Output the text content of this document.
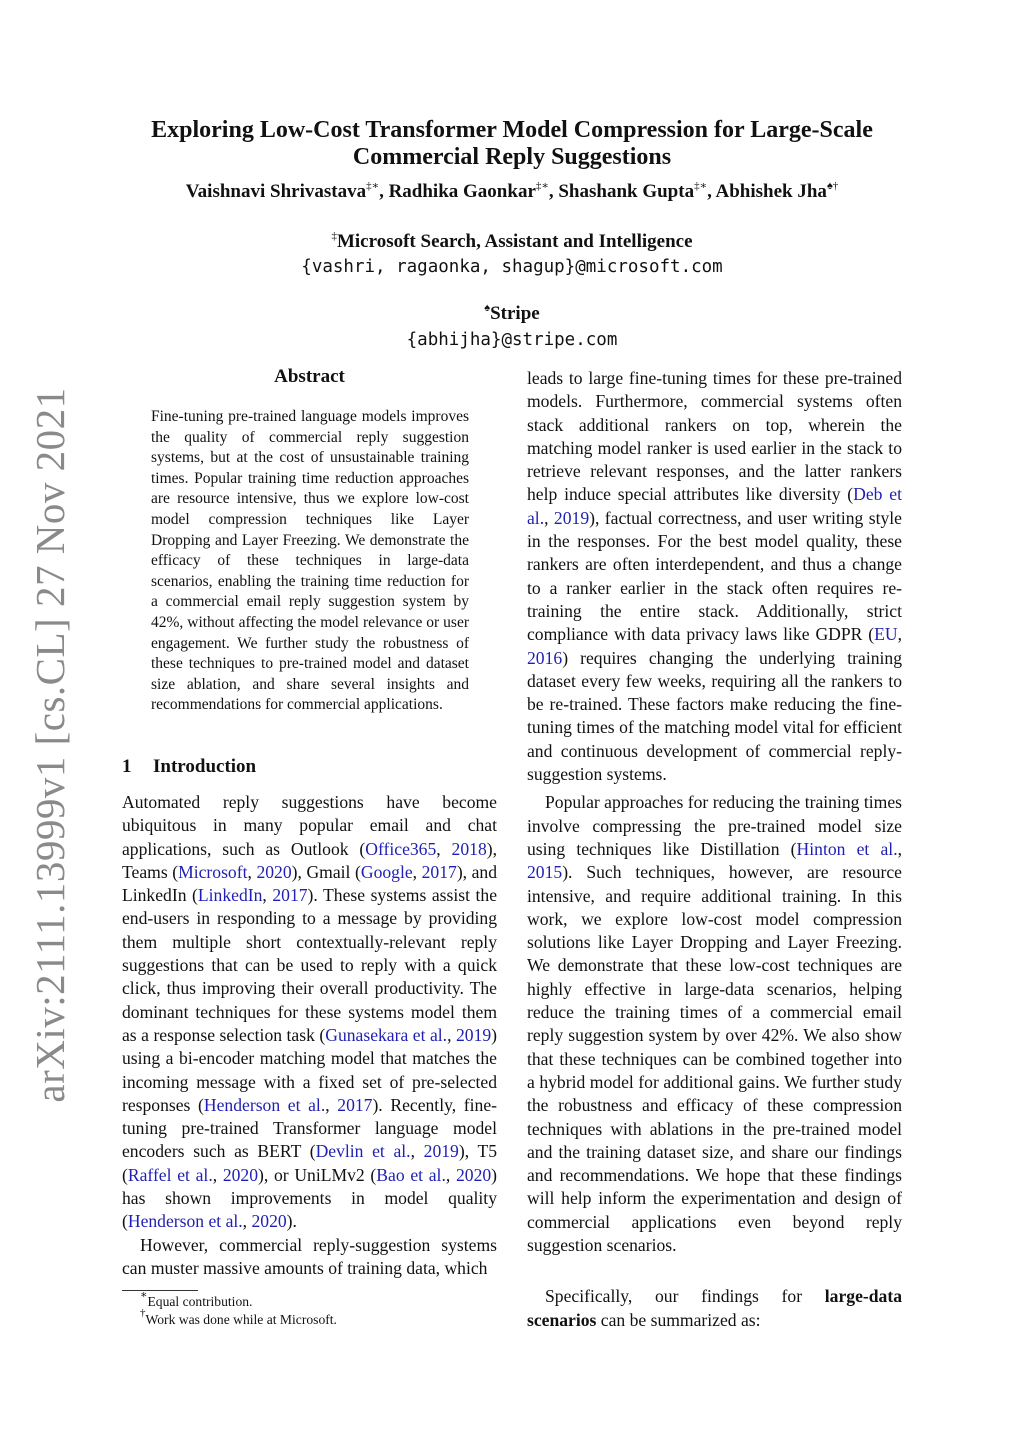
arXiv:2111.13999v1 [cs.CL] 27 Nov 2021
Exploring Low-Cost Transformer Model Compression for Large-Scale
Commercial Reply Suggestions
Vaishnavi Shrivastava‡∗, Radhika Gaonkar‡∗, Shashank Gupta‡∗, Abhishek Jha♠†
‡Microsoft Search, Assistant and Intelligence
{vashri, ragaonka, shagup}@microsoft.com
♠Stripe
{abhijha}@stripe.com
Abstract

Fine-tuning pre-trained language models improves the quality of commercial reply suggestion systems, but at the cost of unsustainable training times. Popular training time reduction approaches are resource intensive, thus we explore low-cost model compression techniques like Layer Dropping and Layer Freezing. We demonstrate the efficacy of these techniques in large-data scenarios, enabling the training time reduction for a commercial email reply suggestion system by 42%, without affecting the model relevance or user engagement. We further study the robustness of these techniques to pre-trained model and dataset size ablation, and share several insights and recommendations for commercial applications.

1 Introduction

Automated reply suggestions have become ubiquitous in many popular email and chat applications, such as Outlook (Office365, 2018), Teams (Microsoft, 2020), Gmail (Google, 2017), and LinkedIn (LinkedIn, 2017). These systems assist the end-users in responding to a message by providing them multiple short contextually-relevant reply suggestions that can be used to reply with a quick click, thus improving their overall productivity. The dominant techniques for these systems model them as a response selection task (Gunasekara et al., 2019) using a bi-encoder matching model that matches the incoming message with a fixed set of pre-selected responses (Henderson et al., 2017). Recently, fine-tuning pre-trained Transformer language model encoders such as BERT (Devlin et al., 2019), T5 (Raffel et al., 2020), or UniLMv2 (Bao et al., 2020) has shown improvements in model quality (Henderson et al., 2020).

However, commercial reply-suggestion systems can muster massive amounts of training data, which

leads to large fine-tuning times for these pre-trained models. Furthermore, commercial systems often stack additional rankers on top, wherein the matching model ranker is used earlier in the stack to retrieve relevant responses, and the latter rankers help induce special attributes like diversity (Deb et al., 2019), factual correctness, and user writing style in the responses. For the best model quality, these rankers are often interdependent, and thus a change to a ranker earlier in the stack often requires re-training the entire stack. Additionally, strict compliance with data privacy laws like GDPR (EU, 2016) requires changing the underlying training dataset every few weeks, requiring all the rankers to be re-trained. These factors make reducing the fine-tuning times of the matching model vital for efficient and continuous development of commercial reply-suggestion systems.

Popular approaches for reducing the training times involve compressing the pre-trained model size using techniques like Distillation (Hinton et al., 2015). Such techniques, however, are resource intensive, and require additional training. In this work, we explore low-cost model compression solutions like Layer Dropping and Layer Freezing. We demonstrate that these low-cost techniques are highly effective in large-data scenarios, helping reduce the training times of a commercial email reply suggestion system by over 42%. We also show that these techniques can be combined together into a hybrid model for additional gains. We further study the robustness and efficacy of these compression techniques with ablations in the pre-trained model and the training dataset size, and share our findings and recommendations. We hope that these findings will help inform the experimentation and design of commercial applications even beyond reply suggestion scenarios.

Specifically, our findings for large-data scenarios can be summarized as:

∗Equal contribution.
†Work was done while at Microsoft.
